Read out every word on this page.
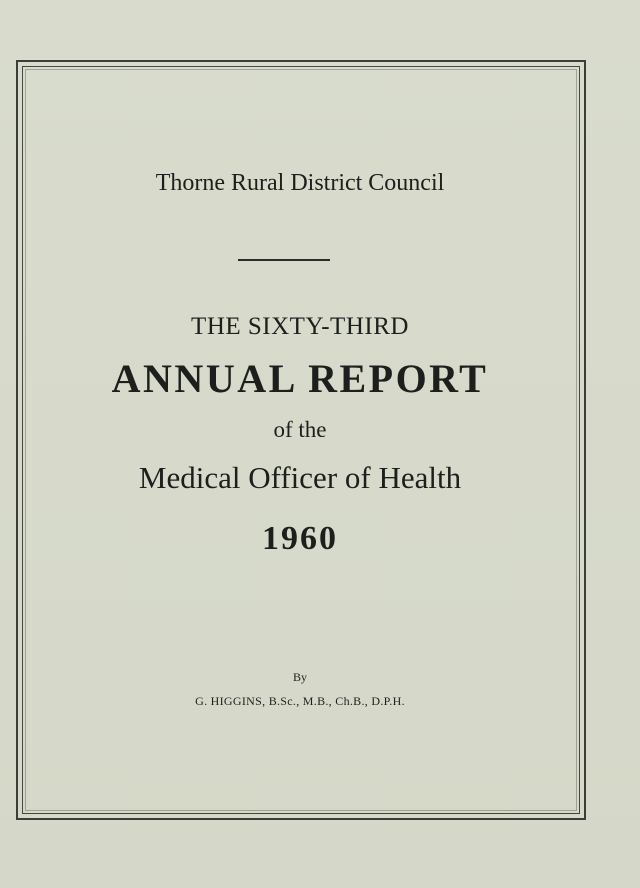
Thorne Rural District Council
THE SIXTY-THIRD
ANNUAL REPORT
of the
Medical Officer of Health
1960
By
G. HIGGINS, B.Sc., M.B., Ch.B., D.P.H.
